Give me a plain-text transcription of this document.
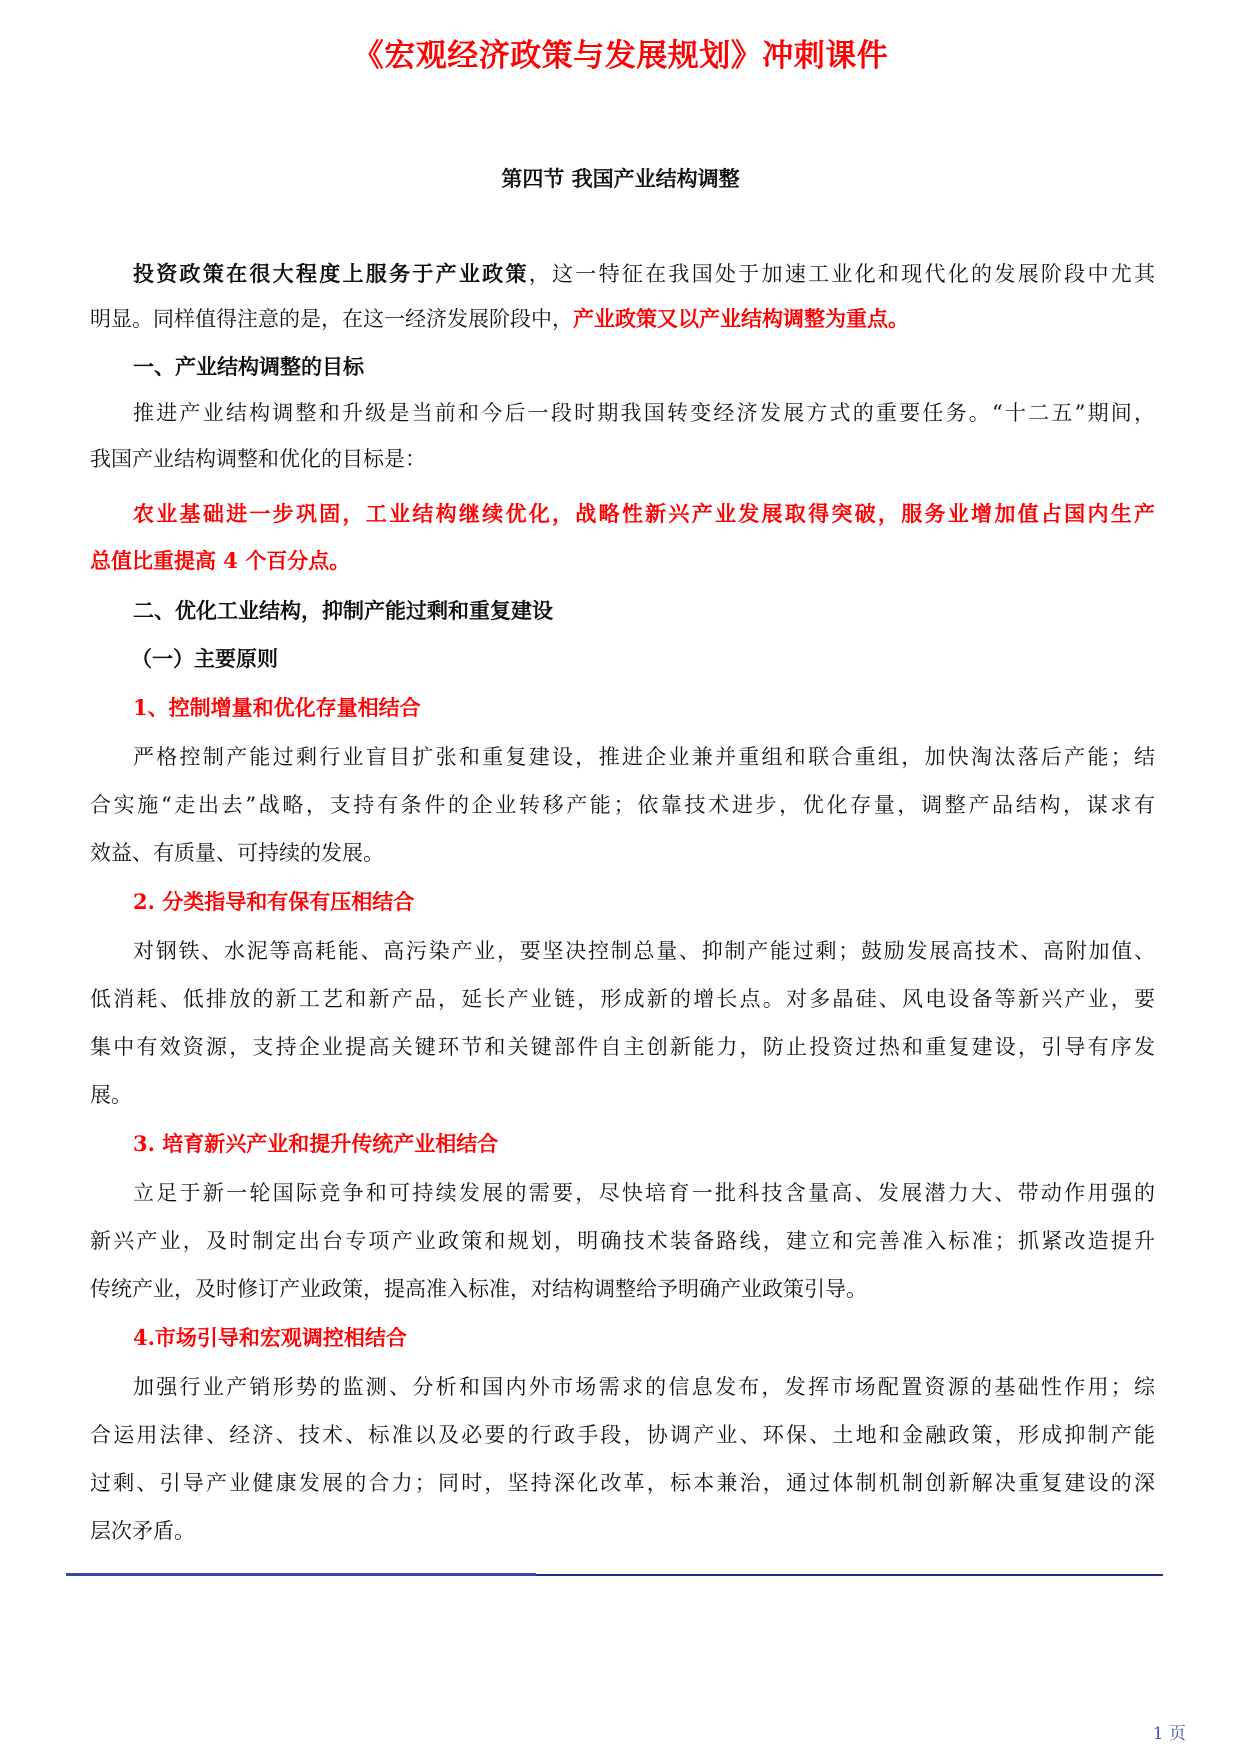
《宏观经济政策与发展规划》冲刺课件
第四节 我国产业结构调整

投资政策在很大程度上服务于产业政策，这一特征在我国处于加速工业化和现代化的发展阶段中尤其

明显。同样值得注意的是，在这一经济发展阶段中，产业政策又以产业结构调整为重点。

一、产业结构调整的目标

推进产业结构调整和升级是当前和今后一段时期我国转变经济发展方式的重要任务。“十二五”期间，

我国产业结构调整和优化的目标是：

农业基础进一步巩固，工业结构继续优化，战略性新兴产业发展取得突破，服务业增加值占国内生产

总值比重提高 4 个百分点。

二、优化工业结构，抑制产能过剩和重复建设

（一）主要原则

1、控制增量和优化存量相结合

严格控制产能过剩行业盲目扩张和重复建设，推进企业兼并重组和联合重组，加快淘汰落后产能；结

合实施“走出去”战略，支持有条件的企业转移产能；依靠技术进步，优化存量，调整产品结构，谋求有

效益、有质量、可持续的发展。

2. 分类指导和有保有压相结合

对钢铁、水泥等高耗能、高污染产业，要坚决控制总量、抑制产能过剩；鼓励发展高技术、高附加值、

低消耗、低排放的新工艺和新产品，延长产业链，形成新的增长点。对多晶硅、风电设备等新兴产业，要

集中有效资源，支持企业提高关键环节和关键部件自主创新能力，防止投资过热和重复建设，引导有序发

展。

3. 培育新兴产业和提升传统产业相结合

立足于新一轮国际竞争和可持续发展的需要，尽快培育一批科技含量高、发展潜力大、带动作用强的

新兴产业，及时制定出台专项产业政策和规划，明确技术装备路线，建立和完善准入标准；抓紧改造提升

传统产业，及时修订产业政策，提高准入标准，对结构调整给予明确产业政策引导。

4.市场引导和宏观调控相结合

加强行业产销形势的监测、分析和国内外市场需求的信息发布，发挥市场配置资源的基础性作用；综

合运用法律、经济、技术、标准以及必要的行政手段，协调产业、环保、土地和金融政策，形成抑制产能

过剩、引导产业健康发展的合力；同时，坚持深化改革，标本兼治，通过体制机制创新解决重复建设的深

层次矛盾。

1 页
